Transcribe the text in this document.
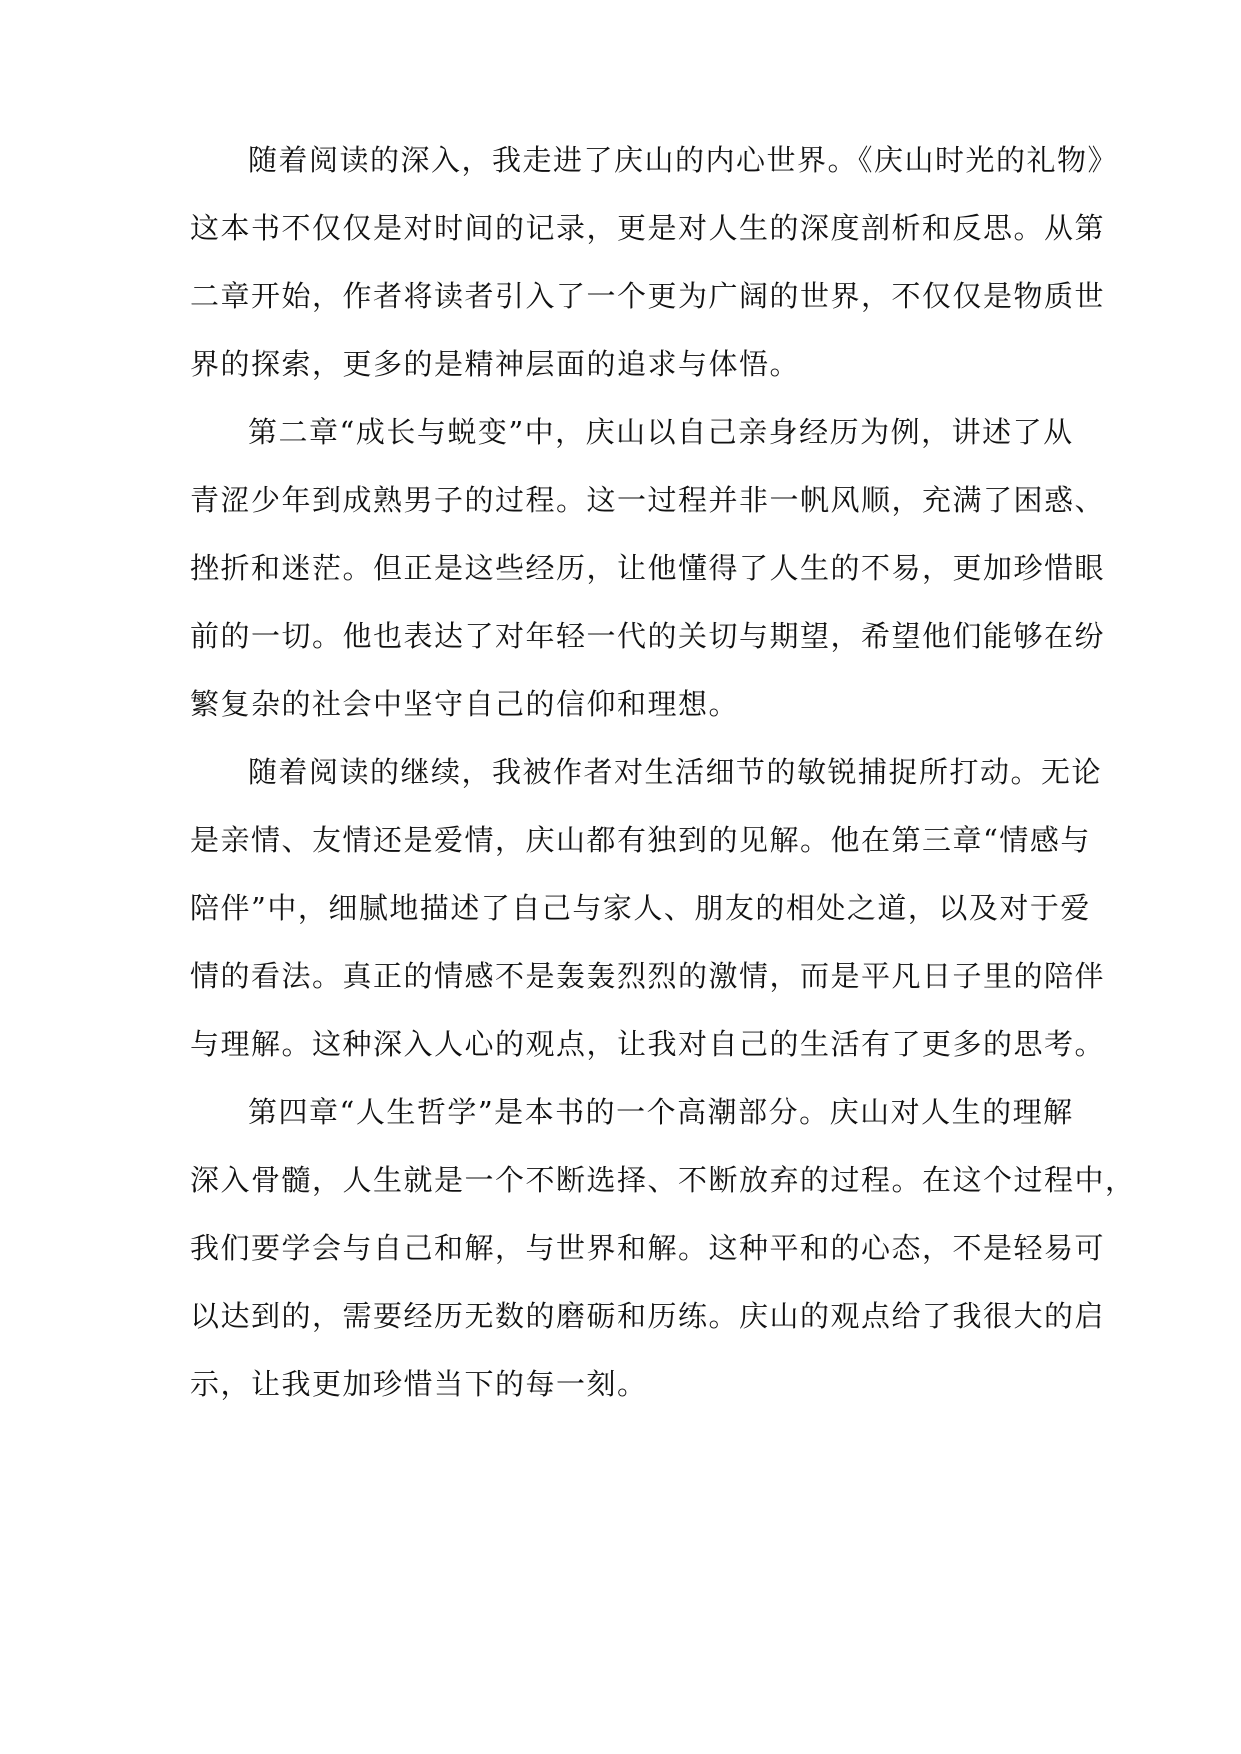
随着阅读的深入，我走进了庆山的内心世界。《庆山时光的礼物》
这本书不仅仅是对时间的记录，更是对人生的深度剖析和反思。从第
二章开始，作者将读者引入了一个更为广阔的世界，不仅仅是物质世
界的探索，更多的是精神层面的追求与体悟。
第二章“成长与蜕变”中，庆山以自己亲身经历为例，讲述了从
青涩少年到成熟男子的过程。这一过程并非一帆风顺，充满了困惑、
挫折和迷茫。但正是这些经历，让他懂得了人生的不易，更加珍惜眼
前的一切。他也表达了对年轻一代的关切与期望，希望他们能够在纷
繁复杂的社会中坚守自己的信仰和理想。
随着阅读的继续，我被作者对生活细节的敏锐捕捉所打动。无论
是亲情、友情还是爱情，庆山都有独到的见解。他在第三章“情感与
陪伴”中，细腻地描述了自己与家人、朋友的相处之道，以及对于爱
情的看法。真正的情感不是轰轰烈烈的激情，而是平凡日子里的陪伴
与理解。这种深入人心的观点，让我对自己的生活有了更多的思考。
第四章“人生哲学”是本书的一个高潮部分。庆山对人生的理解
深入骨髓，人生就是一个不断选择、不断放弃的过程。在这个过程中，
我们要学会与自己和解，与世界和解。这种平和的心态，不是轻易可
以达到的，需要经历无数的磨砺和历练。庆山的观点给了我很大的启
示，让我更加珍惜当下的每一刻。
